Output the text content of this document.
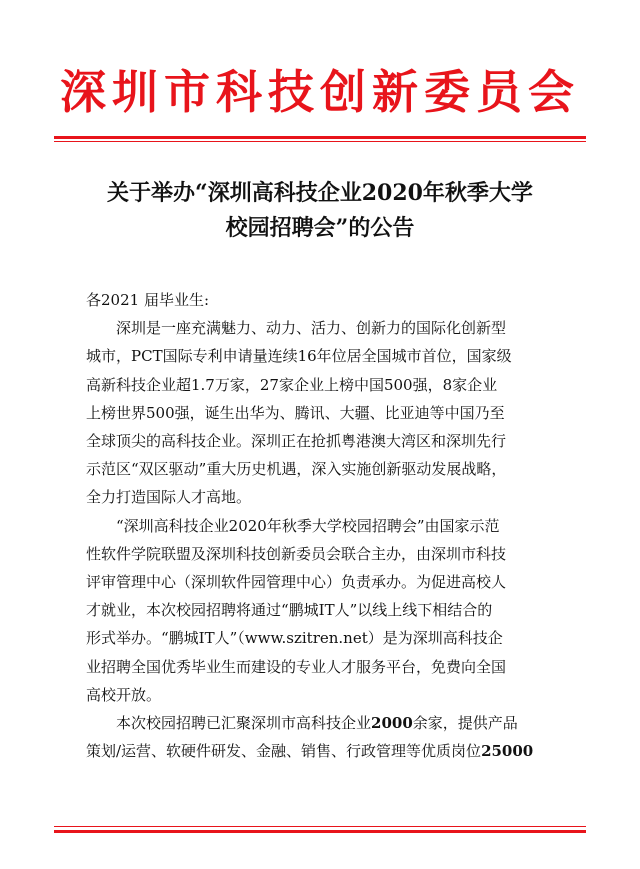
深圳市科技创新委员会
关于举办“深圳高科技企业2020年秋季大学
校园招聘会”的公告

各2021 届毕业生:

深圳是一座充满魅力、动力、活力、创新力的国际化创新型
城市，PCT国际专利申请量连续16年位居全国城市首位，国家级
高新科技企业超1.7万家，27家企业上榜中国500强，8家企业
上榜世界500强，诞生出华为、腾讯、大疆、比亚迪等中国乃至
全球顶尖的高科技企业。深圳正在抢抓粤港澳大湾区和深圳先行
示范区“双区驱动”重大历史机遇，深入实施创新驱动发展战略，
全力打造国际人才高地。

“深圳高科技企业2020年秋季大学校园招聘会”由国家示范
性软件学院联盟及深圳科技创新委员会联合主办，由深圳市科技
评审管理中心（深圳软件园管理中心）负责承办。为促进高校人
才就业，本次校园招聘将通过“鹏城IT人”以线上线下相结合的
形式举办。“鹏城IT人”（www.szitren.net）是为深圳高科技企
业招聘全国优秀毕业生而建设的专业人才服务平台，免费向全国
高校开放。

本次校园招聘已汇聚深圳市高科技企业2000余家，提供产品
策划/运营、软硬件研发、金融、销售、行政管理等优质岗位25000
